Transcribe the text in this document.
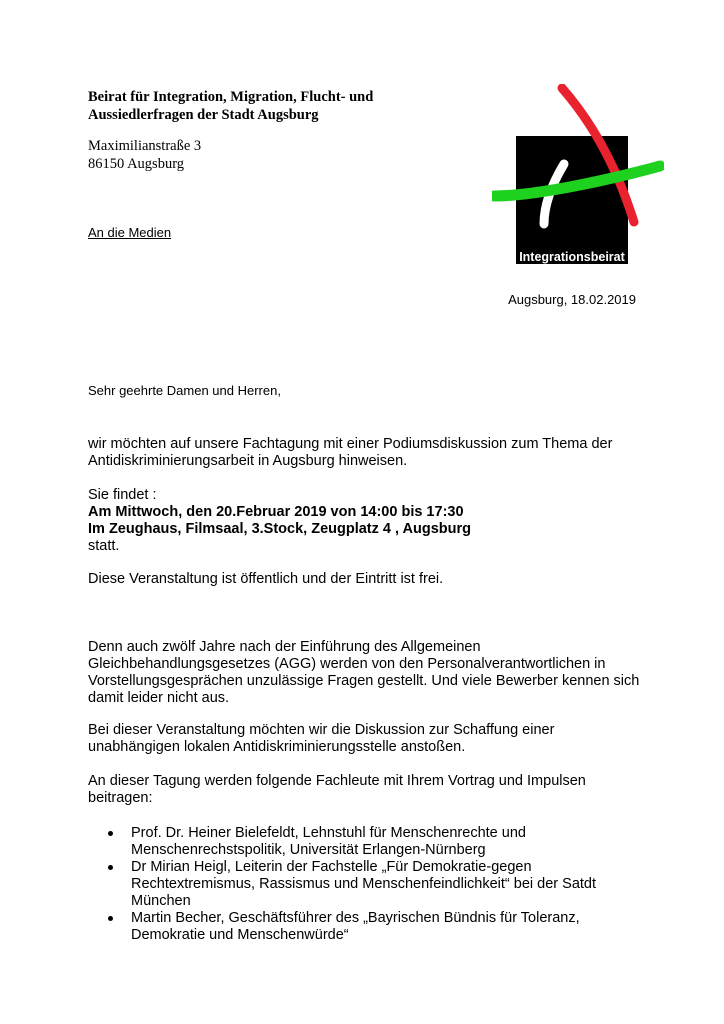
Beirat für Integration, Migration, Flucht- und
Aussiedlerfragen der Stadt Augsburg
Maximilianstraße 3
86150 Augsburg
An die Medien
Integrationsbeirat
Augsburg, 18.02.2019
Sehr geehrte Damen und Herren,
wir möchten auf unsere Fachtagung mit einer Podiumsdiskussion zum Thema der Antidiskriminierungsarbeit in Augsburg hinweisen.
Sie findet :
Am Mittwoch, den 20.Februar 2019 von 14:00 bis 17:30
Im Zeughaus, Filmsaal, 3.Stock, Zeugplatz 4 , Augsburg
statt.
Diese Veranstaltung ist öffentlich und der Eintritt ist frei.
Denn auch zwölf Jahre nach der Einführung des Allgemeinen Gleichbehandlungsgesetzes (AGG) werden von den Personalverantwortlichen in Vorstellungsgesprächen unzulässige Fragen gestellt. Und viele Bewerber kennen sich damit leider nicht aus.
Bei dieser Veranstaltung möchten wir die Diskussion zur Schaffung einer unabhängigen lokalen Antidiskriminierungsstelle anstoßen.
An dieser Tagung werden folgende Fachleute mit Ihrem Vortrag und Impulsen beitragen:
Prof. Dr. Heiner Bielefeldt, Lehnstuhl für Menschenrechte und Menschenrechstspolitik, Universität Erlangen-Nürnberg
Dr Mirian Heigl, Leiterin der Fachstelle „Für Demokratie-gegen Rechtextremismus, Rassismus und Menschenfeindlichkeit“ bei der Satdt München
Martin Becher, Geschäftsführer des „Bayrischen Bündnis für Toleranz, Demokratie und Menschenwürde“
